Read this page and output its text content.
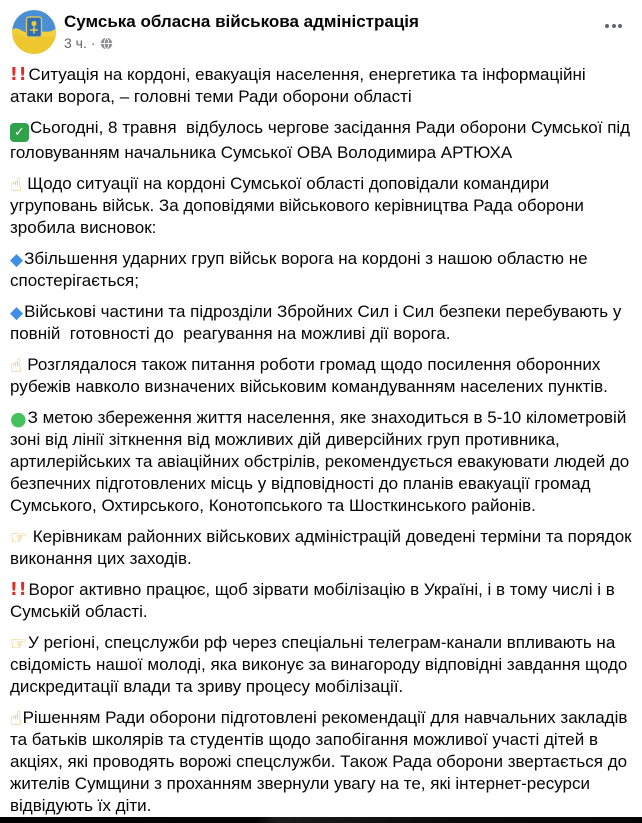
Сумська обласна військова адміністрація
3 ч. ·

!!Ситуація на кордоні, евакуація населення, енергетика та інформаційні атаки ворога, – головні теми Ради оборони області

✓ Сьогодні, 8 травня  відбулось чергове засідання Ради оборони Сумської під головуванням начальника Сумської ОВА Володимира АРТЮХА

☝ Щодо ситуації на кордоні Сумської області доповідали командири угруповань військ. За доповідями військового керівництва Рада оборони зробила висновок:

◆Збільшення ударних груп військ ворога на кордоні з нашою областю не спостерігається;

◆Військові частини та підрозділи Збройних Сил і Сил безпеки перебувають у повній  готовності до  реагування на можливі дії ворога.

☝ Розглядалося також питання роботи громад щодо посилення оборонних рубежів навколо визначених військовим командуванням населених пунктів.

●З метою збереження життя населення, яке знаходиться в 5-10 кілометровій зоні від лінії зіткнення від можливих дій диверсійних груп противника, артилерійських та авіаційних обстрілів, рекомендується евакуювати людей до безпечних підготовлених місць у відповідності до планів евакуації громад Сумського, Охтирського, Конотопського та Шосткинського районів.

☞ Керівникам районних військових адміністрацій доведені терміни та порядок виконання цих заходів.

!!Ворог активно працює, щоб зірвати мобілізацію в Україні, і в тому числі і в Сумській області.

☞У регіоні, спецслужби рф через спеціальні телеграм-канали впливають на свідомість нашої молоді, яка виконує за винагороду відповідні завдання щодо дискредитації влади та зриву процесу мобілізації.

☝Рішенням Ради оборони підготовлені рекомендації для навчальних закладів та батьків школярів та студентів щодо запобігання можливої участі дітей в акціях, які проводять ворожі спецслужби. Також Рада оборони звертається до жителів Сумщини з проханням звернули увагу на те, які інтернет-ресурси відвідують їх діти.
